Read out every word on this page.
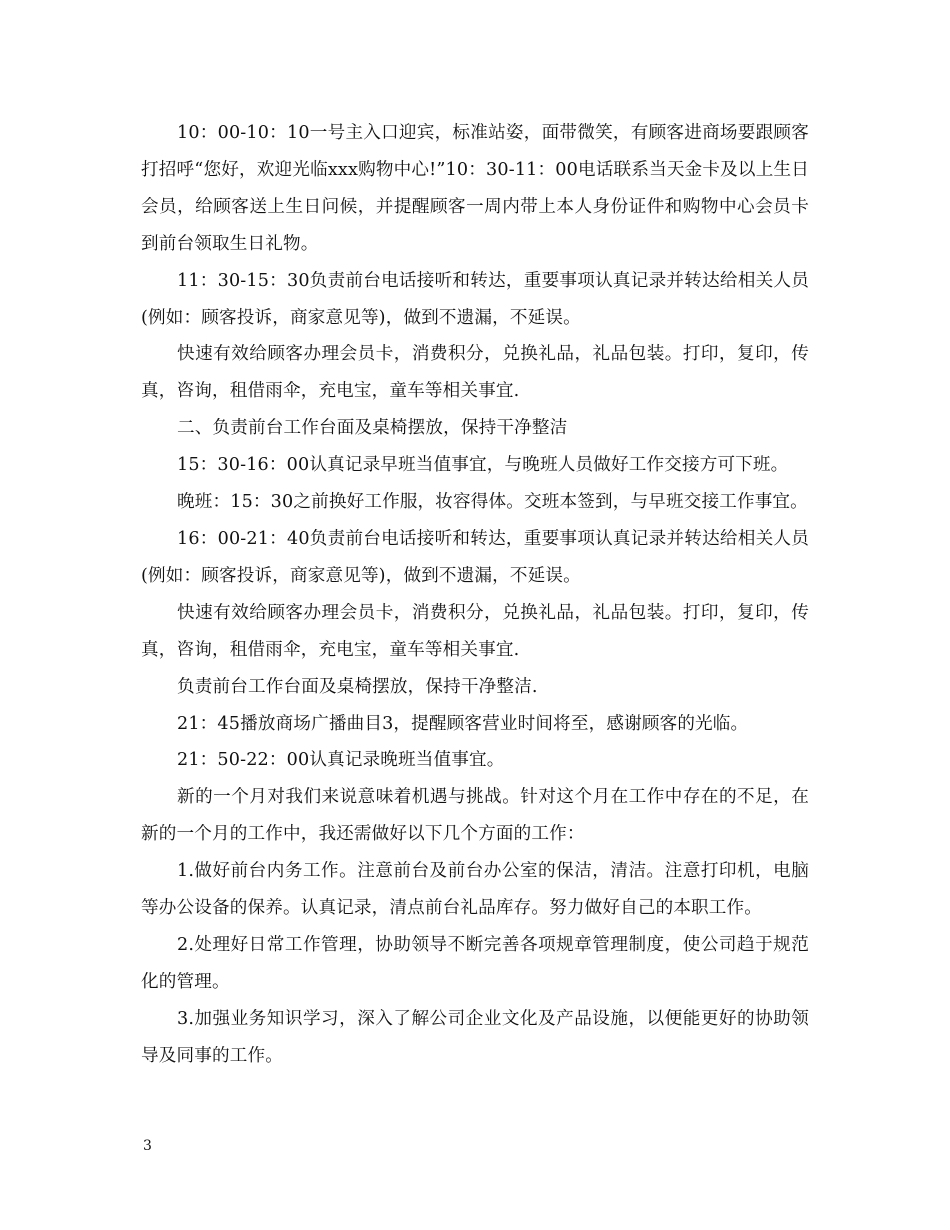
10：00-10：10一号主入口迎宾，标准站姿，面带微笑，有顾客进商场要跟顾客打招呼“您好，欢迎光临xxx购物中心!”10：30-11：00电话联系当天金卡及以上生日会员，给顾客送上生日问候，并提醒顾客一周内带上本人身份证件和购物中心会员卡到前台领取生日礼物。

11：30-15：30负责前台电话接听和转达，重要事项认真记录并转达给相关人员(例如：顾客投诉，商家意见等)，做到不遗漏，不延误。

快速有效给顾客办理会员卡，消费积分，兑换礼品，礼品包装。打印，复印，传真，咨询，租借雨伞，充电宝，童车等相关事宜.

二、负责前台工作台面及桌椅摆放，保持干净整洁

15：30-16：00认真记录早班当值事宜，与晚班人员做好工作交接方可下班。

晚班：15：30之前换好工作服，妆容得体。交班本签到，与早班交接工作事宜。

16：00-21：40负责前台电话接听和转达，重要事项认真记录并转达给相关人员(例如：顾客投诉，商家意见等)，做到不遗漏，不延误。

快速有效给顾客办理会员卡，消费积分，兑换礼品，礼品包装。打印，复印，传真，咨询，租借雨伞，充电宝，童车等相关事宜.

负责前台工作台面及桌椅摆放，保持干净整洁.

21：45播放商场广播曲目3，提醒顾客营业时间将至，感谢顾客的光临。

21：50-22：00认真记录晚班当值事宜。

新的一个月对我们来说意味着机遇与挑战。针对这个月在工作中存在的不足，在新的一个月的工作中，我还需做好以下几个方面的工作：

1.做好前台内务工作。注意前台及前台办公室的保洁，清洁。注意打印机，电脑等办公设备的保养。认真记录，清点前台礼品库存。努力做好自己的本职工作。

2.处理好日常工作管理，协助领导不断完善各项规章管理制度，使公司趋于规范化的管理。

3.加强业务知识学习，深入了解公司企业文化及产品设施，以便能更好的协助领导及同事的工作。

3
